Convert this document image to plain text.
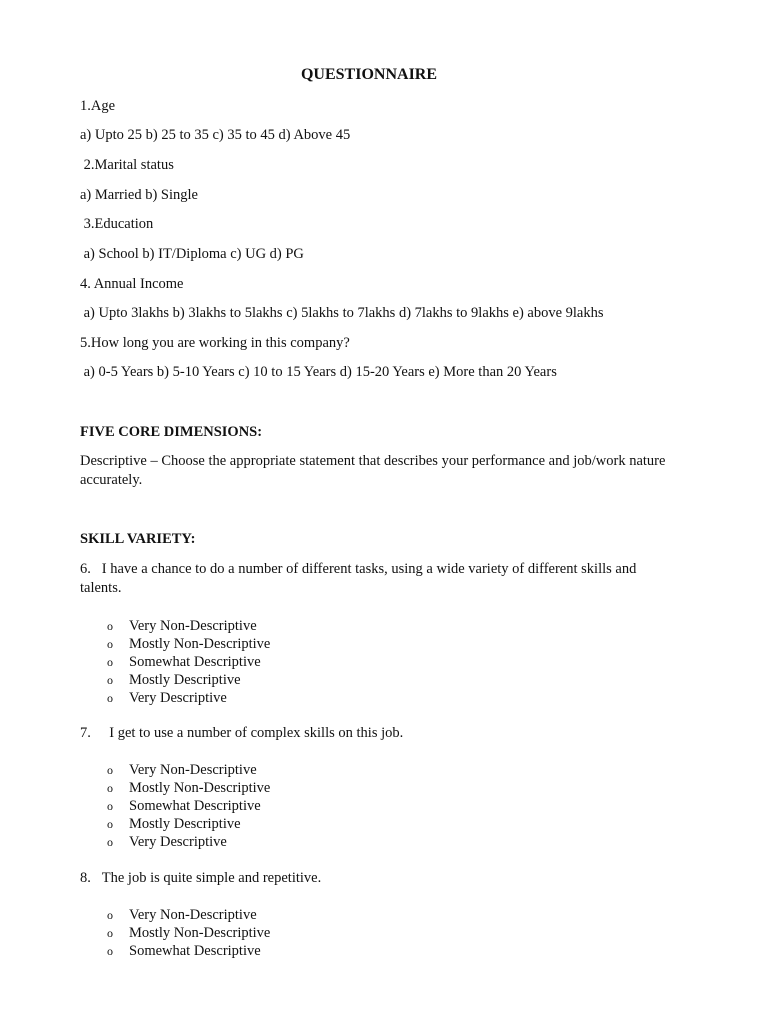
QUESTIONNAIRE
1.Age
a) Upto 25 b) 25 to 35 c) 35 to 45 d) Above 45
2.Marital status
a) Married b) Single
3.Education
a) School b) IT/Diploma c) UG d) PG
4. Annual Income
a) Upto 3lakhs b) 3lakhs to 5lakhs c) 5lakhs to 7lakhs d) 7lakhs to 9lakhs e) above 9lakhs
5.How long you are working in this company?
a) 0-5 Years b) 5-10 Years c) 10 to 15 Years d) 15-20 Years e) More than 20 Years
FIVE CORE DIMENSIONS:
Descriptive – Choose the appropriate statement that describes your performance and job/work nature accurately.
SKILL VARIETY:
6. I have a chance to do a number of different tasks, using a wide variety of different skills and talents.
o Very Non-Descriptive
o Mostly Non-Descriptive
o Somewhat Descriptive
o Mostly Descriptive
o Very Descriptive
7. I get to use a number of complex skills on this job.
o Very Non-Descriptive
o Mostly Non-Descriptive
o Somewhat Descriptive
o Mostly Descriptive
o Very Descriptive
8. The job is quite simple and repetitive.
o Very Non-Descriptive
o Mostly Non-Descriptive
o Somewhat Descriptive
